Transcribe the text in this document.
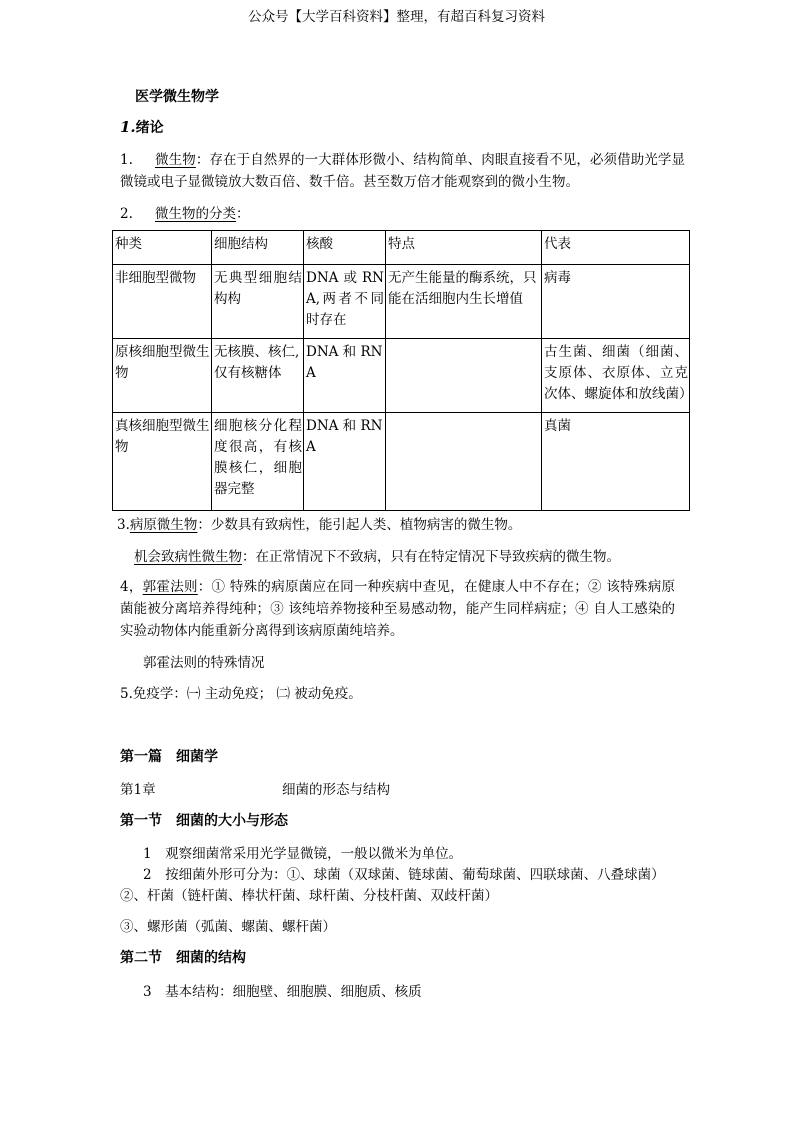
公众号【大学百科资料】整理，有超百科复习资料
医学微生物学
1.绪论
1. 微生物：存在于自然界的一大群体形微小、结构简单、肉眼直接看不见，必须借助光学显微镜或电子显微镜放大数百倍、数千倍。甚至数万倍才能观察到的微小生物。
2. 微生物的分类：
种类	细胞结构	核酸	特点	代表
非细胞型微物	无典型细胞结构构	DNA或RNA,两者不同时存在	无产生能量的酶系统，只能在活细胞内生长增值	病毒
原核细胞型微生物	无核膜、核仁,仅有核糖体	DNA 和 RNA		古生菌、细菌（细菌、支原体、衣原体、立克次体、螺旋体和放线菌）
真核细胞型微生物	细胞核分化程度很高，有核膜核仁，细胞器完整	DNA 和 RNA		真菌
3.病原微生物：少数具有致病性，能引起人类、植物病害的微生物。
机会致病性微生物：在正常情况下不致病，只有在特定情况下导致疾病的微生物。
4，郭霍法则：① 特殊的病原菌应在同一种疾病中查见，在健康人中不存在；② 该特殊病原菌能被分离培养得纯种；③ 该纯培养物接种至易感动物，能产生同样病症；④ 自人工感染的实验动物体内能重新分离得到该病原菌纯培养。
郭霍法则的特殊情况
5.免疫学：㈠ 主动免疫； ㈡ 被动免疫。
第一篇　细菌学
第1章	细菌的形态与结构
第一节　细菌的大小与形态
1　观察细菌常采用光学显微镜，一般以微米为单位。
2　按细菌外形可分为：①、球菌（双球菌、链球菌、葡萄球菌、四联球菌、八叠球菌）
②、杆菌（链杆菌、棒状杆菌、球杆菌、分枝杆菌、双歧杆菌）
③、螺形菌（弧菌、螺菌、螺杆菌）
第二节　细菌的结构
3　基本结构：细胞壁、细胞膜、细胞质、核质
